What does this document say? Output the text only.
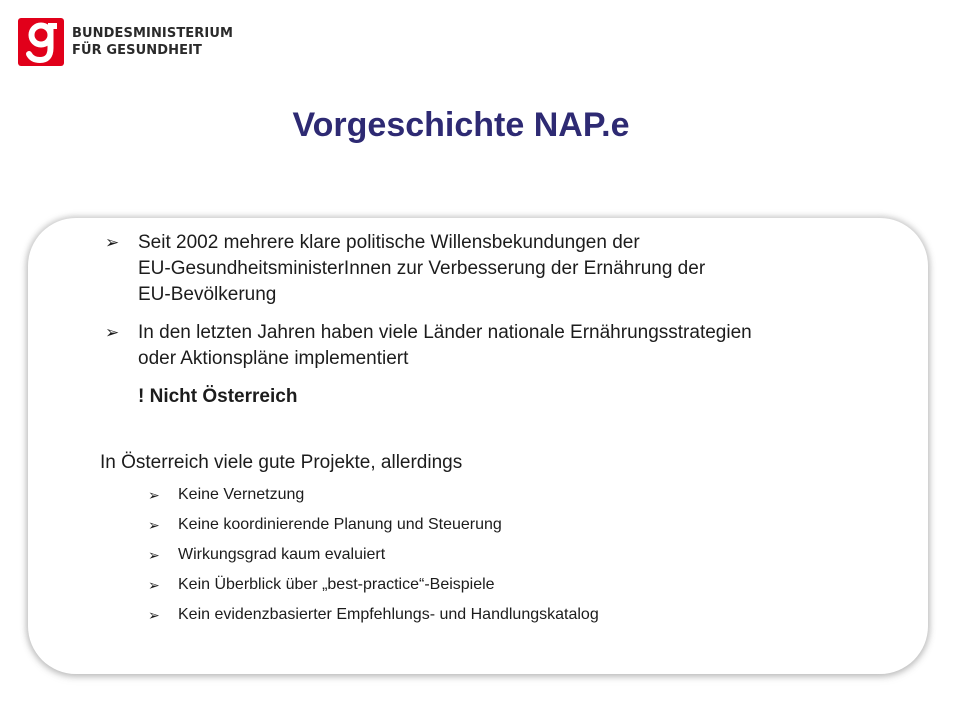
BUNDESMINISTERIUM
FÜR GESUNDHEIT
Vorgeschichte NAP.e
➢ Seit 2002 mehrere klare politische Willensbekundungen der
EU-GesundheitsministerInnen zur Verbesserung der Ernährung der
EU-Bevölkerung
➢ In den letzten Jahren haben viele Länder nationale Ernährungsstrategien
oder Aktionspläne implementiert
! Nicht Österreich
In Österreich viele gute Projekte, allerdings
➢ Keine Vernetzung
➢ Keine koordinierende Planung und Steuerung
➢ Wirkungsgrad kaum evaluiert
➢ Kein Überblick über „best-practice“-Beispiele
➢ Kein evidenzbasierter Empfehlungs- und Handlungskatalog
